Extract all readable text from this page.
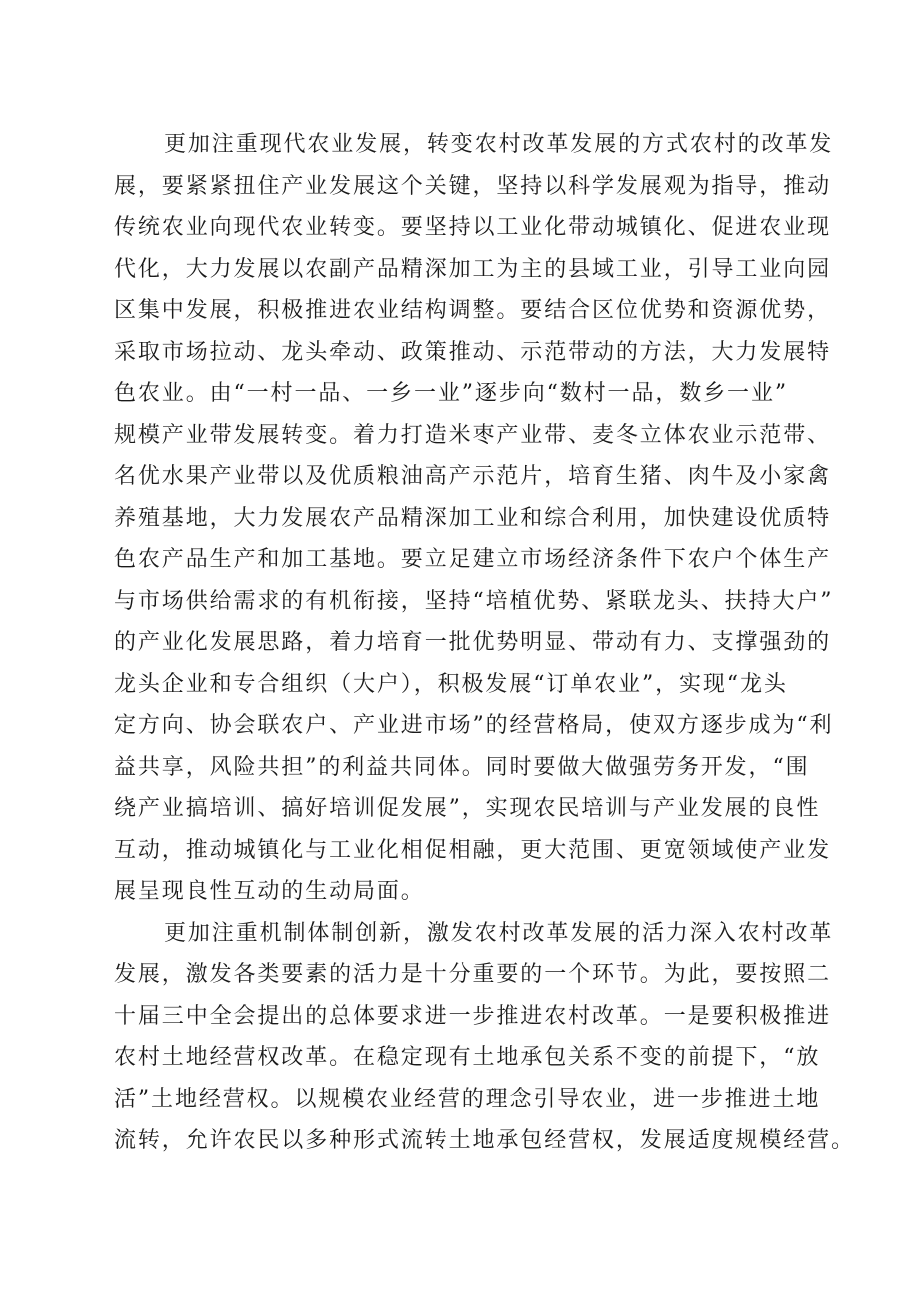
更加注重现代农业发展，转变农村改革发展的方式农村的改革发
展，要紧紧扭住产业发展这个关键，坚持以科学发展观为指导，推动
传统农业向现代农业转变。要坚持以工业化带动城镇化、促进农业现
代化，大力发展以农副产品精深加工为主的县域工业，引导工业向园
区集中发展，积极推进农业结构调整。要结合区位优势和资源优势，
采取市场拉动、龙头牵动、政策推动、示范带动的方法，大力发展特
色农业。由“一村一品、一乡一业”逐步向“数村一品，数乡一业”
规模产业带发展转变。着力打造米枣产业带、麦冬立体农业示范带、
名优水果产业带以及优质粮油高产示范片，培育生猪、肉牛及小家禽
养殖基地，大力发展农产品精深加工业和综合利用，加快建设优质特
色农产品生产和加工基地。要立足建立市场经济条件下农户个体生产
与市场供给需求的有机衔接，坚持“培植优势、紧联龙头、扶持大户”
的产业化发展思路，着力培育一批优势明显、带动有力、支撑强劲的
龙头企业和专合组织（大户），积极发展“订单农业”，实现“龙头
定方向、协会联农户、产业进市场”的经营格局，使双方逐步成为“利
益共享，风险共担”的利益共同体。同时要做大做强劳务开发，“围
绕产业搞培训、搞好培训促发展”，实现农民培训与产业发展的良性
互动，推动城镇化与工业化相促相融，更大范围、更宽领域使产业发
展呈现良性互动的生动局面。
更加注重机制体制创新，激发农村改革发展的活力深入农村改革
发展，激发各类要素的活力是十分重要的一个环节。为此，要按照二
十届三中全会提出的总体要求进一步推进农村改革。一是要积极推进
农村土地经营权改革。在稳定现有土地承包关系不变的前提下，“放
活”土地经营权。以规模农业经营的理念引导农业，进一步推进土地
流转，允许农民以多种形式流转土地承包经营权，发展适度规模经营。
